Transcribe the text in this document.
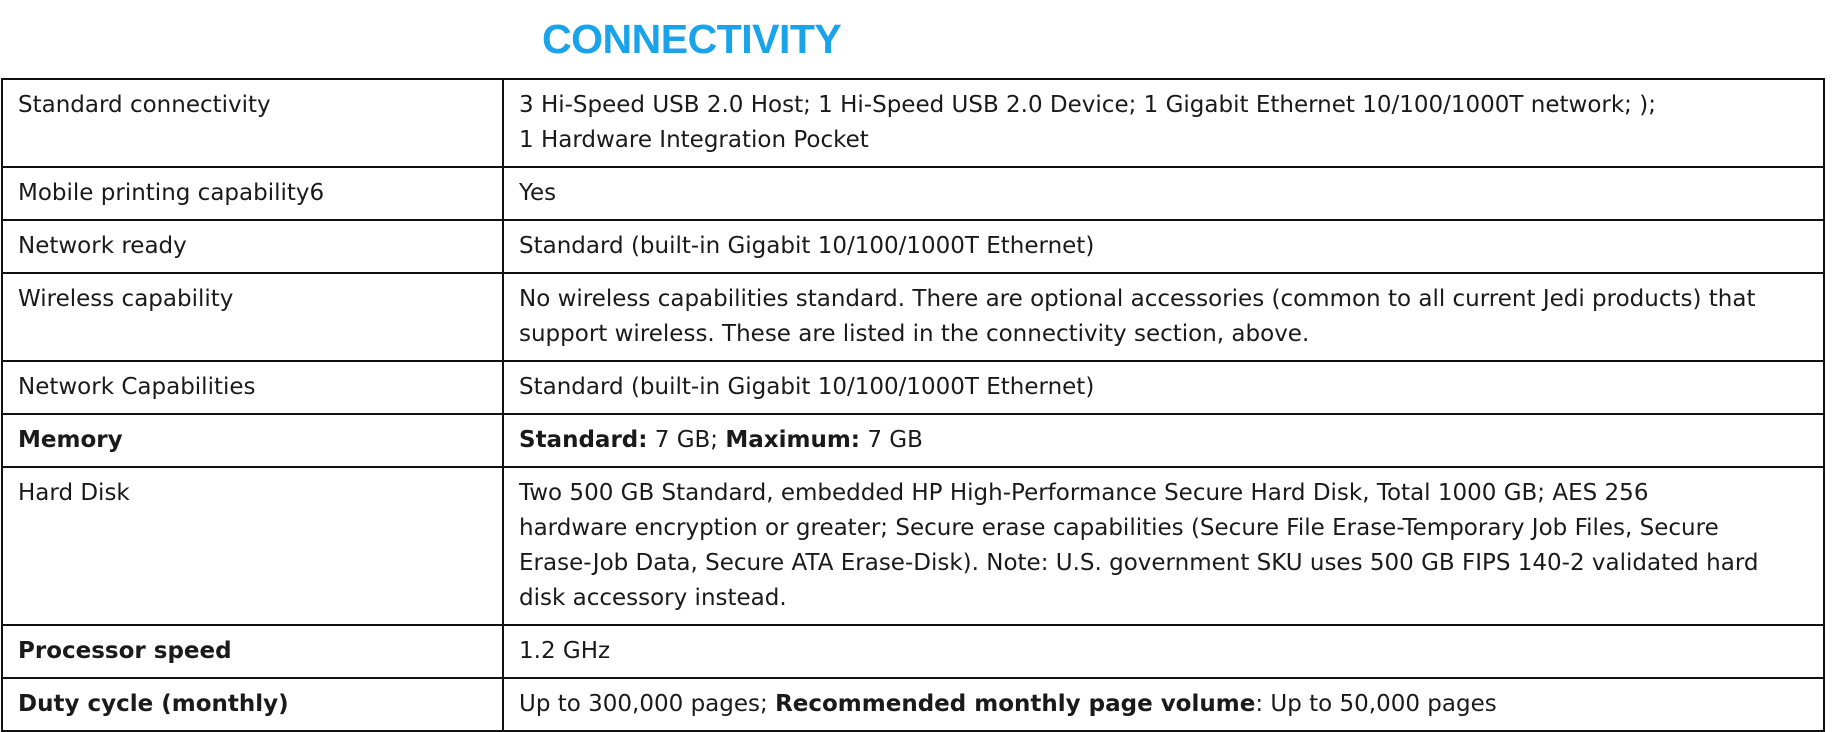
CONNECTIVITY
Standard connectivity	3 Hi-Speed USB 2.0 Host; 1 Hi-Speed USB 2.0 Device; 1 Gigabit Ethernet 10/100/1000T network; );
1 Hardware Integration Pocket
Mobile printing capability6	Yes
Network ready	Standard (built-in Gigabit 10/100/1000T Ethernet)
Wireless capability	No wireless capabilities standard. There are optional accessories (common to all current Jedi products) that
support wireless. These are listed in the connectivity section, above.
Network Capabilities	Standard (built-in Gigabit 10/100/1000T Ethernet)
Memory	Standard: 7 GB; Maximum: 7 GB
Hard Disk	Two 500 GB Standard, embedded HP High-Performance Secure Hard Disk, Total 1000 GB; AES 256
hardware encryption or greater; Secure erase capabilities (Secure File Erase-Temporary Job Files, Secure
Erase-Job Data, Secure ATA Erase-Disk). Note: U.S. government SKU uses 500 GB FIPS 140-2 validated hard
disk accessory instead.
Processor speed	1.2 GHz
Duty cycle (monthly)	Up to 300,000 pages; Recommended monthly page volume: Up to 50,000 pages
